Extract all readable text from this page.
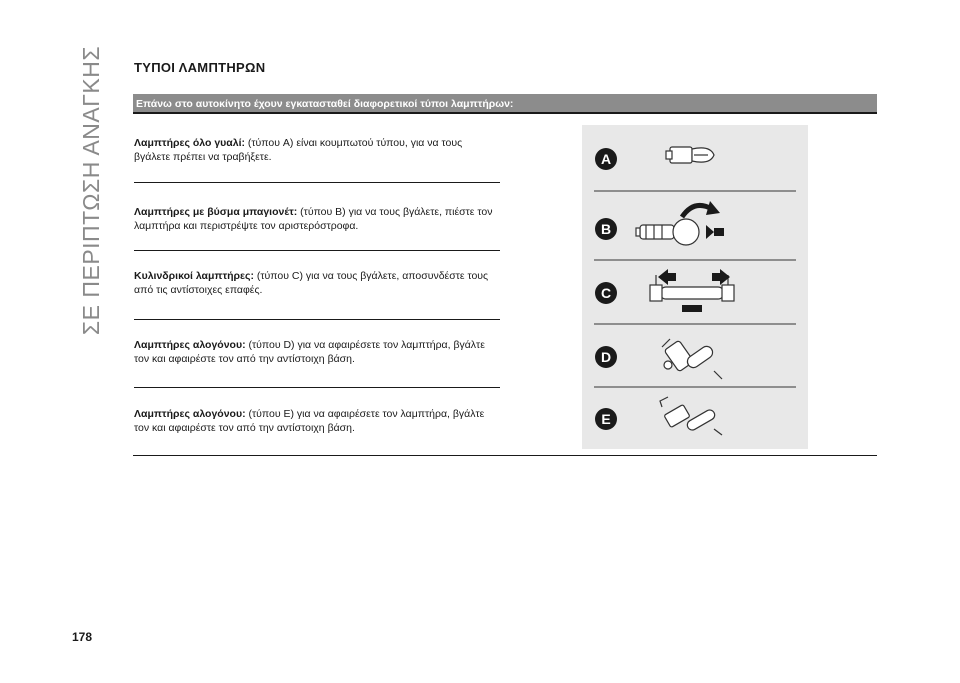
ΣΕ ΠΕΡΙΠΤΩΣΗ ΑΝΑΓΚΗΣ ΤΥΠΟΙ ΛΑΜΠΤΗΡΩΝ
Επάνω στο αυτοκίνητο έχουν εγκατασταθεί διαφορετικοί τύποι λαμπτήρων:
Λαμπτήρες όλο γυαλί: (τύπου A) είναι κουμπωτού τύπου, για να τους βγάλετε πρέπει να τραβήξετε.
Λαμπτήρες με βύσμα μπαγιονέτ: (τύπου B) για να τους βγάλετε, πιέστε τον λαμπτήρα και περιστρέψτε τον αριστερόστροφα.
Κυλινδρικοί λαμπτήρες: (τύπου C) για να τους βγάλετε, αποσυνδέστε τους από τις αντίστοιχες επαφές.
Λαμπτήρες αλογόνου: (τύπου D) για να αφαιρέσετε τον λαμπτήρα, βγάλτε τον και αφαιρέστε τον από την αντίστοιχη βάση.
Λαμπτήρες αλογόνου: (τύπου E) για να αφαιρέσετε τον λαμπτήρα, βγάλτε τον και αφαιρέστε τον από την αντίστοιχη βάση.
A
B
C
D
E
178
